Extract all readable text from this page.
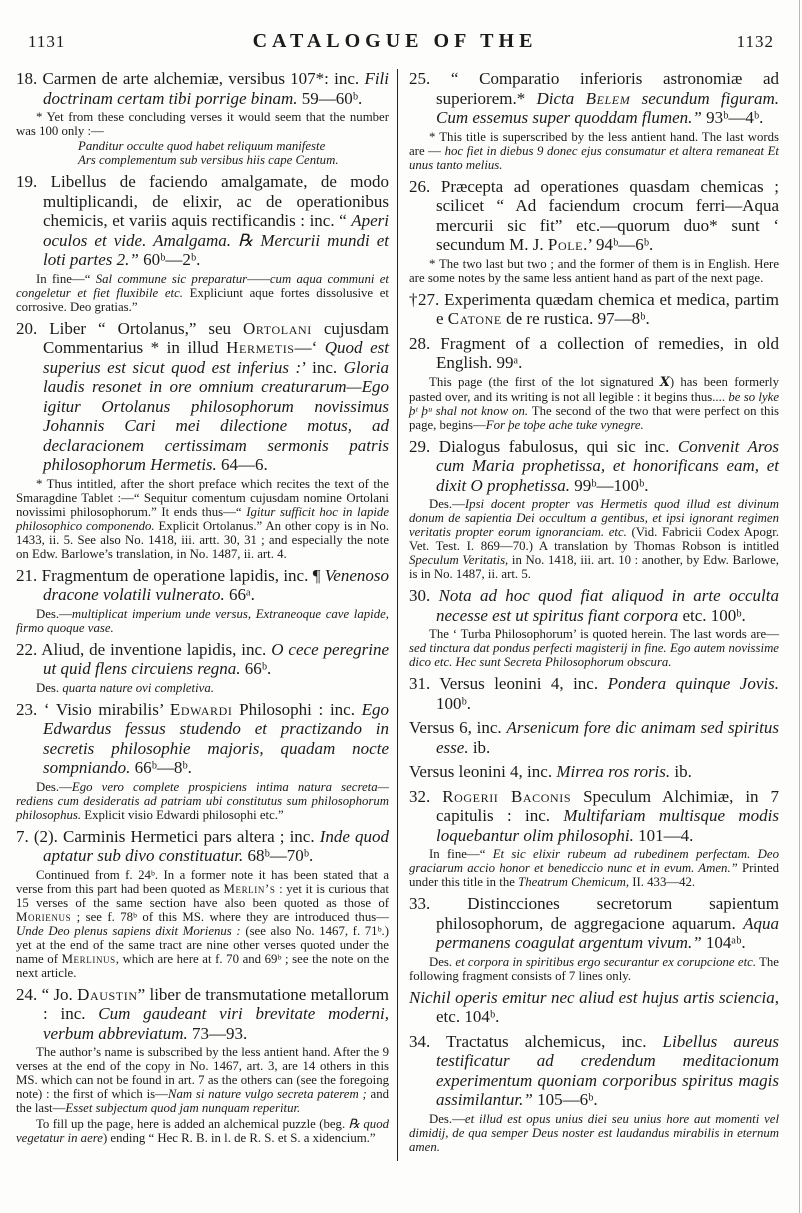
1131	CATALOGUE OF THE	1132

18. Carmen de arte alchemiæ, versibus 107*: inc. Fili doctrinam certam tibi porrige binam. 59—60ᵇ.

* Yet from these concluding verses it would seem that the number was 100 only :—

Panditur occulte quod habet reliquum manifeste
Ars complementum sub versibus hiis cape Centum.

19. Libellus de faciendo amalgamate, de modo multiplicandi, de elixir, ac de operationibus chemicis, et variis aquis rectificandis : inc. “ Aperi oculos et vide. Amalgama. ℞ Mercurii mundi et loti partes 2.” 60ᵇ—2ᵇ.

In fine—“ Sal commune sic preparatur——cum aqua communi et congeletur et fiet fluxibile etc. Expliciunt aque fortes dissolusive et corrosive. Deo gratias.”

20. Liber “ Ortolanus,” seu Ortolani cujusdam Commentarius * in illud Hermetis—‘ Quod est superius est sicut quod est inferius :’ inc. Gloria laudis resonet in ore omnium creaturarum—Ego igitur Ortolanus philosophorum novissimus Johannis Cari mei dilectione motus, ad declaracionem certissimam sermonis patris philosophorum Hermetis. 64—6.

* Thus intitled, after the short preface which recites the text of the Smaragdine Tablet :—“ Sequitur comentum cujusdam nomine Ortolani novissimi philosophorum.” It ends thus—“ Igitur sufficit hoc in lapide philosophico componendo. Explicit Ortolanus.” An other copy is in No. 1433, ii. 5. See also No. 1418, iii. artt. 30, 31 ; and especially the note on Edw. Barlowe’s translation, in No. 1487, ii. art. 4.

21. Fragmentum de operatione lapidis, inc. ¶ Venenoso dracone volatili vulnerato. 66ᵃ.

Des.—multiplicat imperium unde versus, Extraneoque cave lapide, firmo quoque vase.

22. Aliud, de inventione lapidis, inc. O cece peregrine ut quid flens circuiens regna. 66ᵇ.

Des. quarta nature ovi completiva.

23. ‘ Visio mirabilis’ Edwardi Philosophi : inc. Ego Edwardus fessus studendo et practizando in secretis philosophie majoris, quadam nocte sompniando. 66ᵇ—8ᵇ.

Des.—Ego vero complete prospiciens intima natura secreta—rediens cum desideratis ad patriam ubi constitutus sum philosophorum philosophus. Explicit visio Edwardi philosophi etc.”

7. (2). Carminis Hermetici pars altera ; inc. Inde quod aptatur sub divo constituatur. 68ᵇ—70ᵇ.

Continued from f. 24ᵇ. In a former note it has been stated that a verse from this part had been quoted as Merlin’s : yet it is curious that 15 verses of the same section have also been quoted as those of Morienus ; see f. 78ᵇ of this MS. where they are introduced thus—Unde Deo plenus sapiens dixit Morienus : (see also No. 1467, f. 71ᵇ.) yet at the end of the same tract are nine other verses quoted under the name of Merlinus, which are here at f. 70 and 69ᵇ ; see the note on the next article.

24. “ Jo. Daustin” liber de transmutatione metallorum : inc. Cum gaudeant viri brevitate moderni, verbum abbreviatum. 73—93.

The author’s name is subscribed by the less antient hand. After the 9 verses at the end of the copy in No. 1467, art. 3, are 14 others in this MS. which can not be found in art. 7 as the others can (see the foregoing note) : the first of which is—Nam si nature vulgo secreta paterem ; and the last—Esset subjectum quod jam nunquam reperitur.

To fill up the page, here is added an alchemical puzzle (beg. ℞ quod vegetatur in aere) ending “ Hec R. B. in l. de R. S. et S. a xidencium.”

25. “ Comparatio inferioris astronomiæ ad superiorem.* Dicta Belem secundum figuram. Cum essemus super quoddam flumen.” 93ᵇ—4ᵇ.

* This title is superscribed by the less antient hand. The last words are — hoc fiet in diebus 9 donec ejus consumatur et altera remaneat Et unus tanto melius.

26. Præcepta ad operationes quasdam chemicas ; scilicet “ Ad faciendum crocum ferri—Aqua mercurii sic fit” etc.—quorum duo* sunt ‘ secundum M. J. Pole.’ 94ᵇ—6ᵇ.

* The two last but two ; and the former of them is in English. Here are some notes by the same less antient hand as part of the next page.

†27. Experimenta quædam chemica et medica, partim e Catone de re rustica. 97—8ᵇ.

28. Fragment of a collection of remedies, in old English. 99ᵃ.

This page (the first of the lot signatured X) has been formerly pasted over, and its writing is not all legible : it begins thus.... be so lyke þᵗ þᵘ shal not know on. The second of the two that were perfect on this page, begins—For þe toþe ache tuke vynegre.

29. Dialogus fabulosus, qui sic inc. Convenit Aros cum Maria prophetissa, et honorificans eam, et dixit O prophetissa. 99ᵇ—100ᵇ.

Des.—Ipsi docent propter vas Hermetis quod illud est divinum donum de sapientia Dei occultum a gentibus, et ipsi ignorant regimen veritatis propter eorum ignoranciam. etc. (Vid. Fabricii Codex Apogr. Vet. Test. I. 869—70.) A translation by Thomas Robson is intitled Speculum Veritatis, in No. 1418, iii. art. 10 : another, by Edw. Barlowe, is in No. 1487, ii. art. 5.

30. Nota ad hoc quod fiat aliquod in arte occulta necesse est ut spiritus fiant corpora etc. 100ᵇ.

The ‘ Turba Philosophorum’ is quoted herein. The last words are—sed tinctura dat pondus perfecti magisterij in fine. Ego autem novissime dico etc. Hec sunt Secreta Philosophorum obscura.

31. Versus leonini 4, inc. Pondera quinque Jovis. 100ᵇ.

Versus 6, inc. Arsenicum fore dic animam sed spiritus esse. ib.

Versus leonini 4, inc. Mirrea ros roris. ib.

32. Rogerii Baconis Speculum Alchimiæ, in 7 capitulis : inc. Multifariam multisque modis loquebantur olim philosophi. 101—4.

In fine—“ Et sic elixir rubeum ad rubedinem perfectam. Deo graciarum accio honor et benediccio nunc et in evum. Amen.” Printed under this title in the Theatrum Chemicum, II. 433—42.

33. Distincciones secretorum sapientum philosophorum, de aggregacione aquarum. Aqua permanens coagulat argentum vivum.” 104ᵃᵇ.

Des. et corpora in spiritibus ergo securantur ex corupcione etc. The following fragment consists of 7 lines only.

Nichil operis emitur nec aliud est hujus artis sciencia, etc. 104ᵇ.

34. Tractatus alchemicus, inc. Libellus aureus testificatur ad credendum meditacionum experimentum quoniam corporibus spiritus magis assimilantur.” 105—6ᵇ.

Des.—et illud est opus unius diei seu unius hore aut momenti vel dimidij, de qua semper Deus noster est laudandus mirabilis in eternum amen.
